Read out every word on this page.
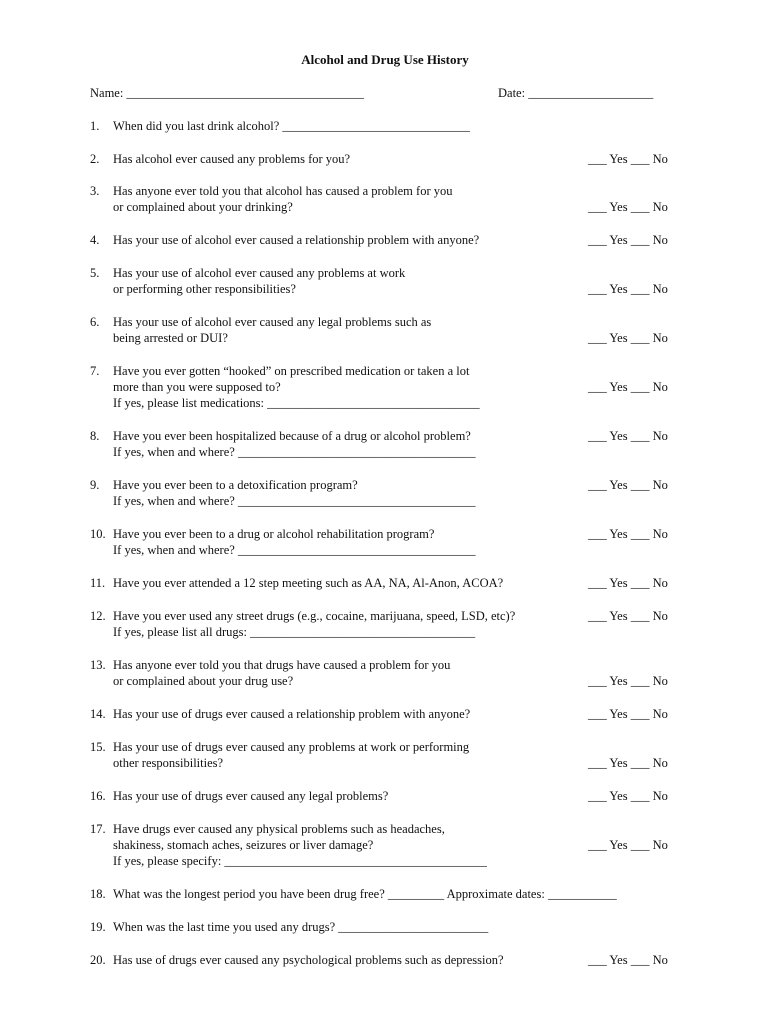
Alcohol and Drug Use History
Name: ______________________________________	Date: ____________________
1.	When did you last drink alcohol? ______________________________
2.	Has alcohol ever caused any problems for you?	___ Yes ___ No
3.	Has anyone ever told you that alcohol has caused a problem for you
or complained about your drinking?	___ Yes ___ No
4.	Has your use of alcohol ever caused a relationship problem with anyone?	___ Yes ___ No
5.	Has your use of alcohol ever caused any problems at work
or performing other responsibilities?	___ Yes ___ No
6.	Has your use of alcohol ever caused any legal problems such as
being arrested or DUI?	___ Yes ___ No
7.	Have you ever gotten “hooked” on prescribed medication or taken a lot
more than you were supposed to?
If yes, please list medications: __________________________________
___ Yes ___ No
8.	Have you ever been hospitalized because of a drug or alcohol problem?
If yes, when and where? ______________________________________
___ Yes ___ No
9.	Have you ever been to a detoxification program?
If yes, when and where? ______________________________________
___ Yes ___ No
10. Have you ever been to a drug or alcohol rehabilitation program?
If yes, when and where? ______________________________________
___ Yes ___ No
11. Have you ever attended a 12 step meeting such as AA, NA, Al-Anon, ACOA?	___ Yes ___ No
12. Have you ever used any street drugs (e.g., cocaine, marijuana, speed, LSD, etc)?
If yes, please list all drugs: ____________________________________
___ Yes ___ No
13. Has anyone ever told you that drugs have caused a problem for you
or complained about your drug use?	___ Yes ___ No
14. Has your use of drugs ever caused a relationship problem with anyone?	___ Yes ___ No
15. Has your use of drugs ever caused any problems at work or performing
other responsibilities?	___ Yes ___ No
16. Has your use of drugs ever caused any legal problems?	___ Yes ___ No
17. Have drugs ever caused any physical problems such as headaches,
shakiness, stomach aches, seizures or liver damage?
If yes, please specify: __________________________________________
___ Yes ___ No
18. What was the longest period you have been drug free? _________ Approximate dates: ___________
19. When was the last time you used any drugs? ________________________
20. Has use of drugs ever caused any psychological problems such as depression?	___ Yes ___ No
